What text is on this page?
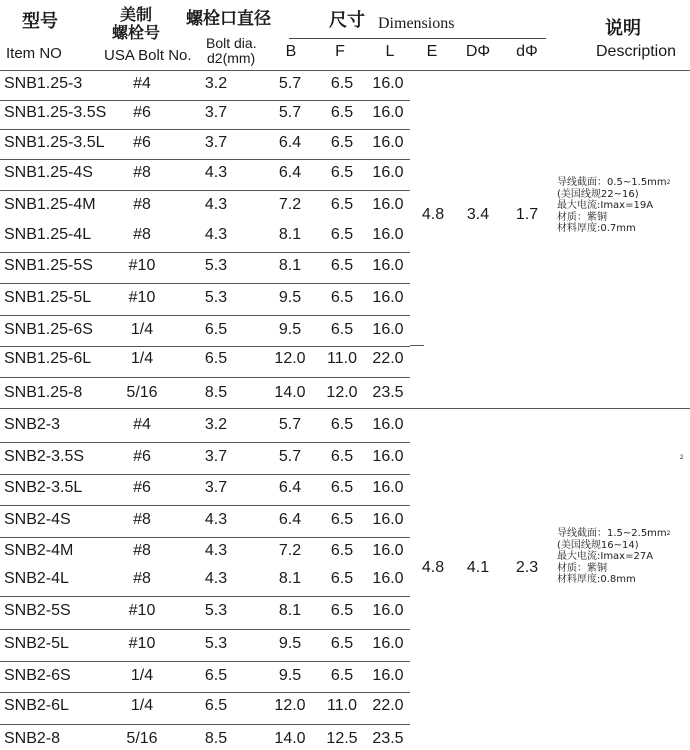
型号
Item NO
美制
螺栓号
USA Bolt No.
螺栓口直径
Bolt dia.
d2(mm)
尺寸 Dimensions
B F	L E	DΦ	dΦ
说明
Description
SNB1.25-3	#4	3.2	5.7	6.5	16.0
SNB1.25-3.5S	#6	3.7	5.7	6.5	16.0
SNB1.25-3.5L	#6	3.7	6.4	6.5	16.0
SNB1.25-4S	#8	4.3	6.4	6.5	16.0
SNB1.25-4M	#8	4.3	7.2	6.5	16.0
SNB1.25-4L	#8	4.3	8.1	6.5	16.0
SNB1.25-5S	#10	5.3	8.1	6.5	16.0
SNB1.25-5L	#10	5.3	9.5	6.5	16.0
SNB1.25-6S	1/4	6.5	9.5	6.5	16.0
SNB1.25-6L	1/4	6.5	12.0	11.0 22.0
SNB1.25-8	5/16	8.5	14.0	12.0 23.5
SNB2-3	#4	3.2	5.7	6.5	16.0
SNB2-3.5S	#6	3.7	5.7	6.5	16.0
SNB2-3.5L	#6	3.7	6.4	6.5	16.0
SNB2-4S	#8	4.3	6.4	6.5	16.0
SNB2-4M	#8	4.3	7.2	6.5	16.0
SNB2-4L	#8	4.3	8.1	6.5	16.0
SNB2-5S	#10	5.3	8.1	6.5	16.0
SNB2-5L	#10	5.3	9.5	6.5	16.0
SNB2-6S	1/4	6.5	9.5	6.5	16.0
SNB2-6L	1/4	6.5	12.0	11.0 22.0
SNB2-8	5/16	8.5	14.0	12.5 23.5
4.8	3.4	1.7
导线截面：$0.5\sim 1.5mm^2$
(美国线规22~16)
最大电流:Imax=19A
材质：紫铜
材料厚度:0.7mm
4.8	4.1	2.3
导线截面：$1.5\sim 2.5mm^2$
(美国线规16~14)
最大电流:Imax=27A
材质：紫铜
材料厚度:0.8mm
2
